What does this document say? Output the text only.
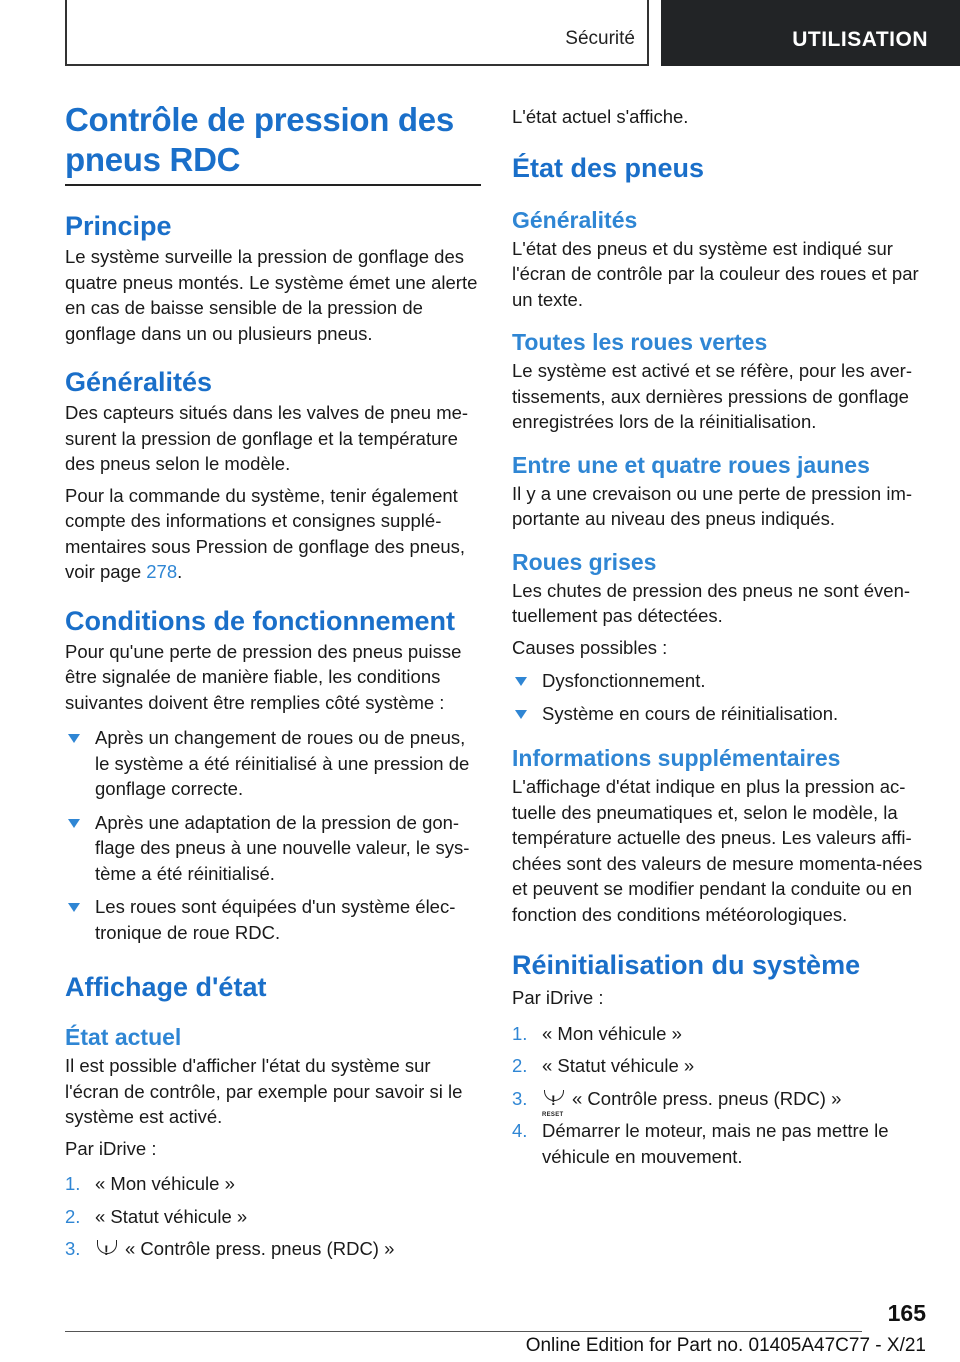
Sécurité	UTILISATION
Contrôle de pression des
pneus RDC
Principe

Le système surveille la pression de gonflage des quatre pneus montés. Le système émet une alerte en cas de baisse sensible de la pression de gonflage dans un ou plusieurs pneus.

Généralités

Des capteurs situés dans les valves de pneu me-surent la pression de gonflage et la température des pneus selon le modèle.

Pour la commande du système, tenir également compte des informations et consignes supplé-mentaires sous Pression de gonflage des pneus, voir page 278.

Conditions de fonctionnement

Pour qu'une perte de pression des pneus puisse être signalée de manière fiable, les conditions suivantes doivent être remplies côté système :

Après un changement de roues ou de pneus, le système a été réinitialisé à une pression de gonflage correcte.
Après une adaptation de la pression de gon-flage des pneus à une nouvelle valeur, le sys-tème a été réinitialisé.
Les roues sont équipées d'un système élec-tronique de roue RDC.
Affichage d'état
État actuel

Il est possible d'afficher l'état du système sur l'écran de contrôle, par exemple pour savoir si le système est activé.

Par iDrive :

1. « Mon véhicule »
2. « Statut véhicule »
3. ! « Contrôle press. pneus (RDC) »

L'état actuel s'affiche.

État des pneus
Généralités

L'état des pneus et du système est indiqué sur l'écran de contrôle par la couleur des roues et par un texte.

Toutes les roues vertes

Le système est activé et se réfère, pour les aver-tissements, aux dernières pressions de gonflage enregistrées lors de la réinitialisation.

Entre une et quatre roues jaunes

Il y a une crevaison ou une perte de pression im-portante au niveau des pneus indiqués.

Roues grises

Les chutes de pression des pneus ne sont éven-tuellement pas détectées.

Causes possibles :

Dysfonctionnement.
Système en cours de réinitialisation.
Informations supplémentaires

L'affichage d'état indique en plus la pression ac-tuelle des pneumatiques et, selon le modèle, la température actuelle des pneus. Les valeurs affi-chées sont des valeurs de mesure momenta-nées et peuvent se modifier pendant la conduite ou en fonction des conditions météorologiques.

Réinitialisation du système

Par iDrive :

1. « Mon véhicule »
2. « Statut véhicule »
3. !
RESET
« Contrôle press. pneus (RDC) »
4. Démarrer le moteur, mais ne pas mettre le véhicule en mouvement.
165
Online Edition for Part no. 01405A47C77 - X/21
